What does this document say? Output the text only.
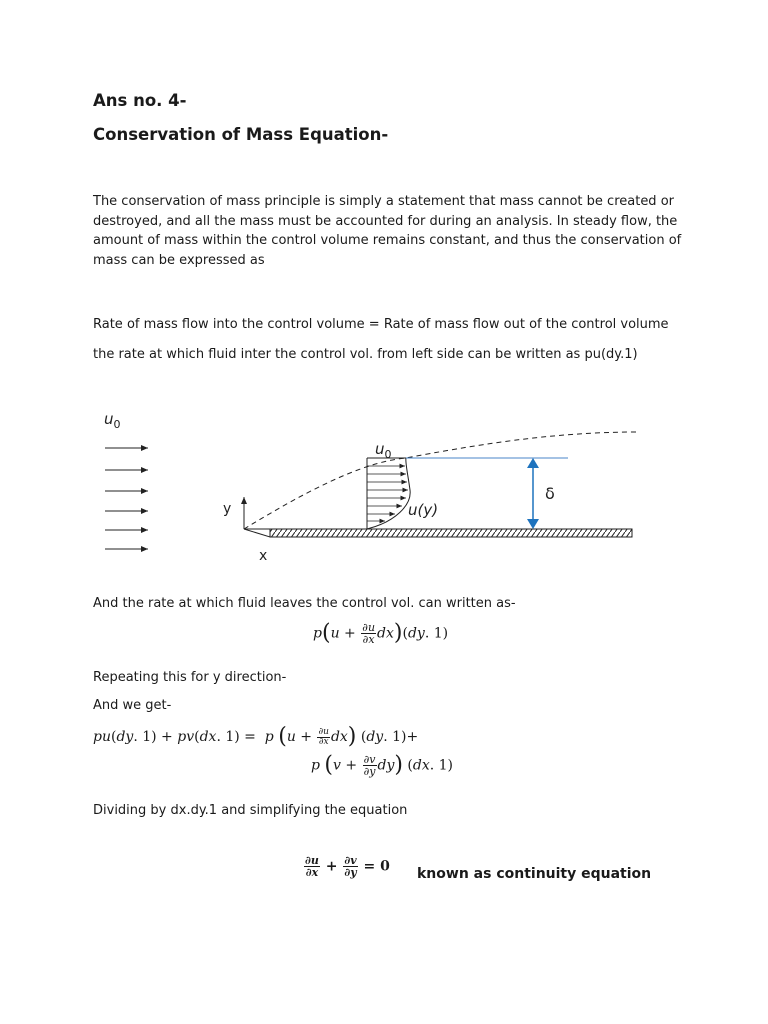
Ans no. 4-
Conservation of Mass Equation-
The conservation of mass principle is simply a statement that mass cannot be created or
destroyed, and all the mass must be accounted for during an analysis. In steady flow, the
amount of mass within the control volume remains constant, and thus the conservation of
mass can be expressed as
Rate of mass flow into the control volume = Rate of mass flow out of the control volume
the rate at which fluid inter the control vol. from left side can be written as pu(dy.1)
$u_0$
y
x
$u_0$
u(y)
δ
And the rate at which fluid leaves the control vol. can written as-
$p(u + \frac{\partial u}{\partial x} dx)(dy$. 1)
Repeating this for y direction-
And we get-
pu(dy. 1) + pv(dx. 1) =  p $(u + \frac{\partial u}{\partial x} dx)$ (dy. 1)+
p $(v + \frac{\partial v}{\partial y} dy)$ (dx. 1)
Dividing by dx.dy.1 and simplifying the equation
$\frac{\partial u}{\partial x} + \frac{\partial v}{\partial y} = 0$ known as continuity equation
